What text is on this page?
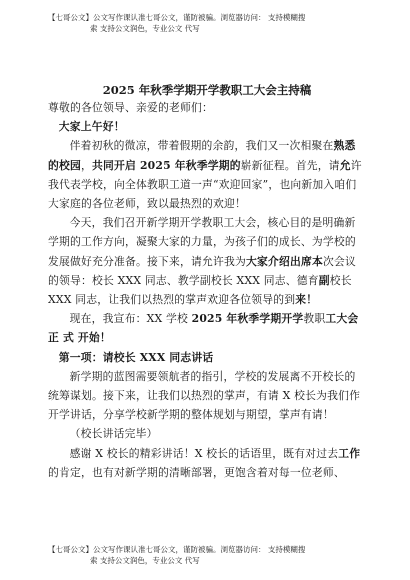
【七哥公文】公文写作课认准七哥公文，谨防被骗。浏览器访问： 支持模糊搜
索 支持公文润色，专业公文 代写
2025 年秋季学期开学教职工大会主持稿

尊敬的各位领导、亲爱的老师们：

大家上午好！

伴着初秋的微凉，带着假期的余韵，我们又一次相聚在熟悉的校园，共同开启 2025 年秋季学期的崭新征程。首先，请允许我代表学校，向全体教职工道一声“欢迎回家”，也向新加入咱们大家庭的各位老师，致以最热烈的欢迎！

今天，我们召开新学期开学教职工大会，核心目的是明确新学期的工作方向，凝聚大家的力量，为孩子们的成长、为学校的发展做好充分准备。接下来，请允许我为大家介绍出席本次会议的领导：校长 XXX 同志、教学副校长 XXX 同志、德育副校长 XXX 同志，让我们以热烈的掌声欢迎各位领导的到来！

现在，我宣布：XX 学校 2025 年秋季学期开学教职工大会正 式 开始！

第一项：请校长 XXX 同志讲话

新学期的蓝图需要领航者的指引，学校的发展离不开校长的统筹谋划。接下来，让我们以热烈的掌声，有请 X 校长为我们作开学讲话，分享学校新学期的整体规划与期望，掌声有请！

（校长讲话完毕）

感谢 X 校长的精彩讲话！X 校长的话语里，既有对过去工作的肯定，也有对新学期的清晰部署，更饱含着对每一位老师、

【七哥公文】公文写作课认准七哥公文，谨防被骗。浏览器访问： 支持模糊搜
索 支持公文润色，专业公文 代写
